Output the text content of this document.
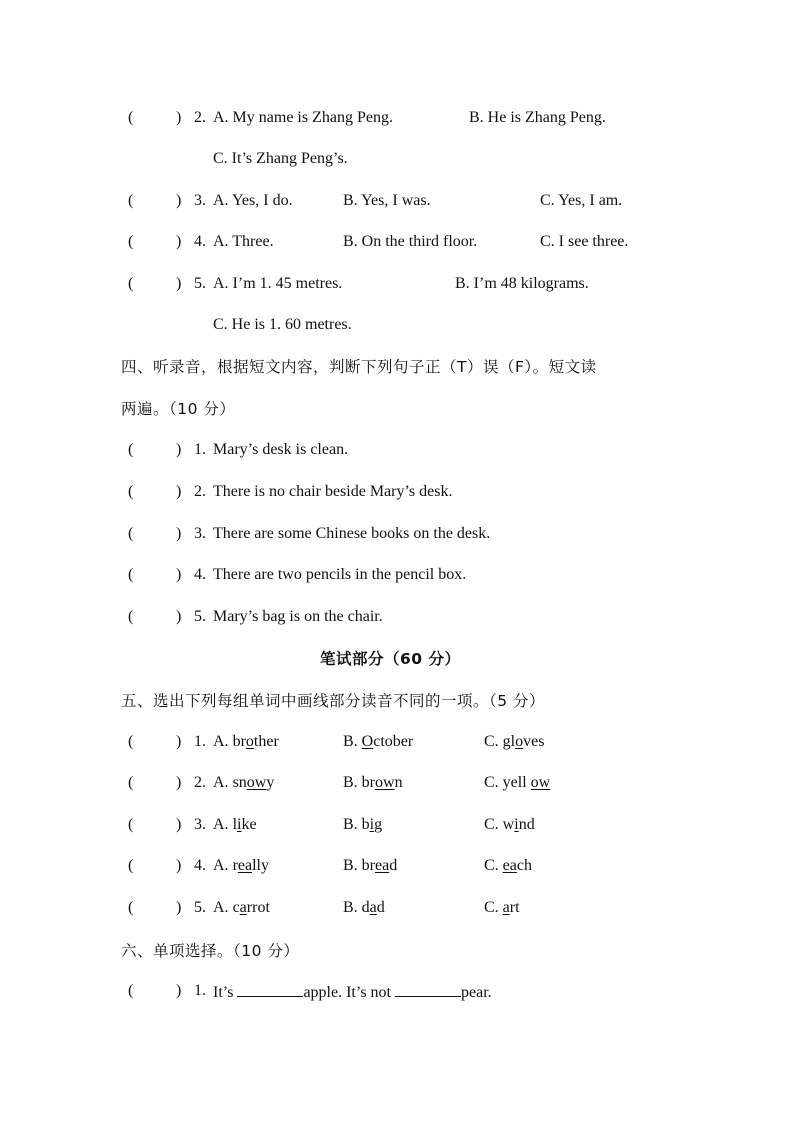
(	) 2. A. My name is Zhang Peng.	B. He is Zhang Peng.
C. It’s Zhang Peng’s.
(	) 3. A. Yes, I do.	B. Yes, I was.	C. Yes, I am.
(	) 4. A. Three.	B. On the third floor.	C. I see three.
(	) 5. A. I’m 1. 45 metres.	B. I’m 48 kilograms.
C. He is 1. 60 metres.
四、听录音，根据短文内容，判断下列句子正（T）误（F）。短文读
两遍。（10 分）
(	) 1. Mary’s desk is clean.
(	) 2. There is no chair beside Mary’s desk.
(	) 3. There are some Chinese books on the desk.
(	) 4. There are two pencils in the pencil box.
(	) 5. Mary’s bag is on the chair.
笔试部分（60 分）
五、选出下列每组单词中画线部分读音不同的一项。（5 分）
(	) 1. A. brother	B. October	C. gloves
(	) 2. A. snowy	B. brown	C. yell ow
(	) 3. A. like	B. big	C. wind
(	) 4. A. really	B. bread	C. each
(	) 5. A. carrot	B. dad	C. art
六、单项选择。（10 分）
(	) 1. It’s	apple. It’s not	pear.
